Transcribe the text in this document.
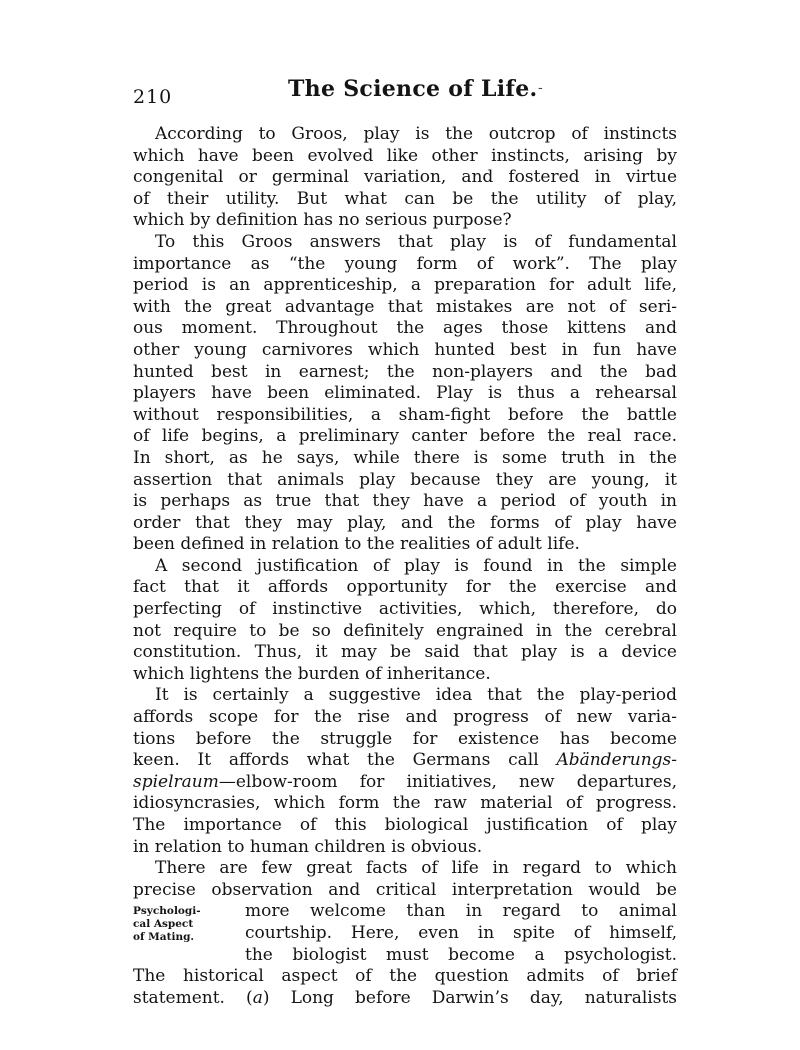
210	The Science of Life. -
According to Groos, play is the outcrop of instincts
which have been evolved like other instincts, arising by
congenital or germinal variation, and fostered in virtue
of their utility. But what can be the utility of play,
which by definition has no serious purpose?
To this Groos answers that play is of fundamental
importance as “the young form of work”. The play
period is an apprenticeship, a preparation for adult life,
with the great advantage that mistakes are not of seri-
ous moment. Throughout the ages those kittens and
other young carnivores which hunted best in fun have
hunted best in earnest; the non-players and the bad
players have been eliminated. Play is thus a rehearsal
without responsibilities, a sham-fight before the battle
of life begins, a preliminary canter before the real race.
In short, as he says, while there is some truth in the
assertion that animals play because they are young, it
is perhaps as true that they have a period of youth in
order that they may play, and the forms of play have
been defined in relation to the realities of adult life.
A second justification of play is found in the simple
fact that it affords opportunity for the exercise and
perfecting of instinctive activities, which, therefore, do
not require to be so definitely engrained in the cerebral
constitution. Thus, it may be said that play is a device
which lightens the burden of inheritance.
It is certainly a suggestive idea that the play-period
affords scope for the rise and progress of new varia-
tions before the struggle for existence has become
keen. It affords what the Germans call Abänderungs-
spielraum—elbow-room for initiatives, new departures,
idiosyncrasies, which form the raw material of progress.
The importance of this biological justification of play
in relation to human children is obvious.
There are few great facts of life in regard to which
precise observation and critical interpretation would be
Psychologi-
cal Aspect
of Mating.
more welcome than in regard to animal
courtship. Here, even in spite of himself,
the biologist must become a psychologist.
The historical aspect of the question admits of brief
statement. (a) Long before Darwin’s day, naturalists
